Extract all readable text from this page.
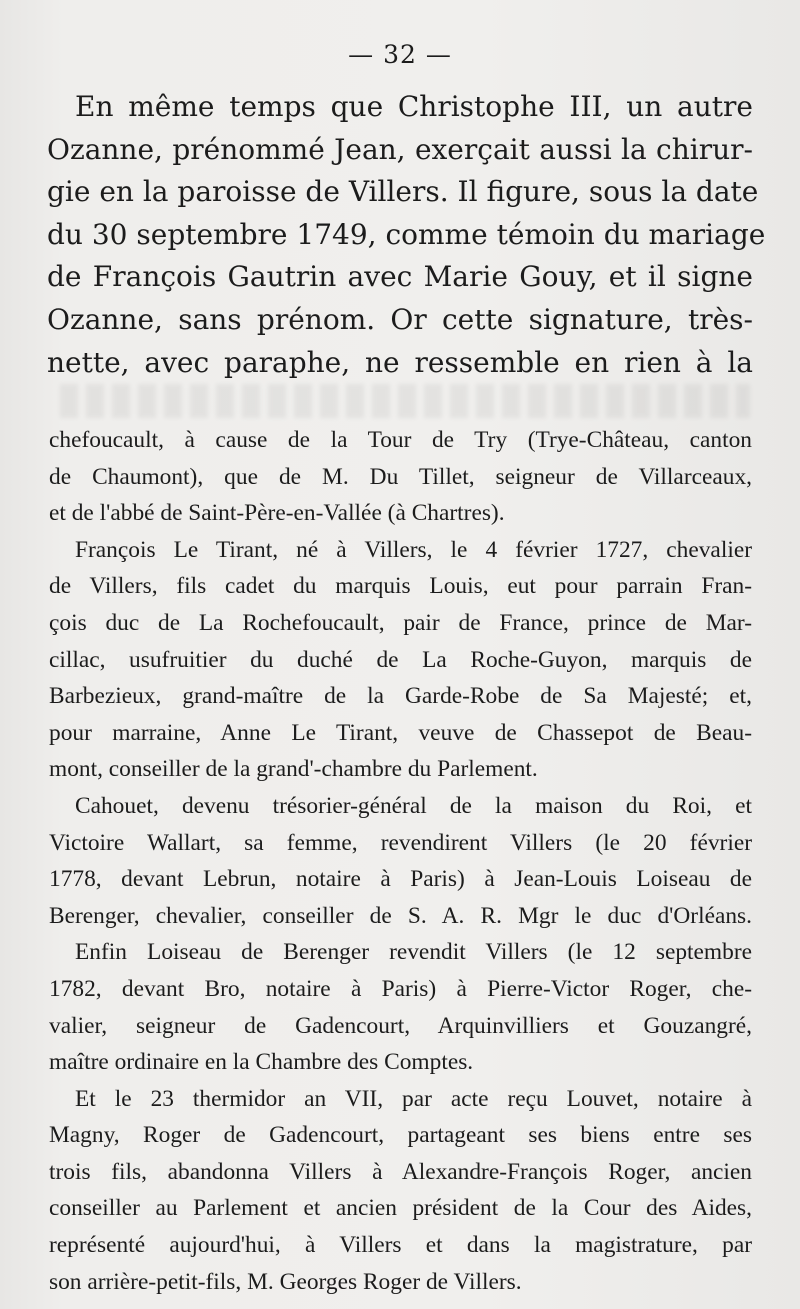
— 32 —
En même temps que Christophe III, un autre
Ozanne, prénommé Jean, exerçait aussi la chirur-
gie en la paroisse de Villers. Il figure, sous la date
du 30 septembre 1749, comme témoin du mariage
de François Gautrin avec Marie Gouy, et il signe
Ozanne, sans prénom. Or cette signature, très-
nette, avec paraphe, ne ressemble en rien à la
chefoucault, à cause de la Tour de Try (Trye-Château, canton
de Chaumont), que de M. Du Tillet, seigneur de Villarceaux,
et de l'abbé de Saint-Père-en-Vallée (à Chartres).
François Le Tirant, né à Villers, le 4 février 1727, chevalier
de Villers, fils cadet du marquis Louis, eut pour parrain Fran-
çois duc de La Rochefoucault, pair de France, prince de Mar-
cillac, usufruitier du duché de La Roche-Guyon, marquis de
Barbezieux, grand-maître de la Garde-Robe de Sa Majesté; et,
pour marraine, Anne Le Tirant, veuve de Chassepot de Beau-
mont, conseiller de la grand'-chambre du Parlement.
Cahouet, devenu trésorier-général de la maison du Roi, et
Victoire Wallart, sa femme, revendirent Villers (le 20 février
1778, devant Lebrun, notaire à Paris) à Jean-Louis Loiseau de
Berenger, chevalier, conseiller de S. A. R. Mgr le duc d'Orléans.
Enfin Loiseau de Berenger revendit Villers (le 12 septembre
1782, devant Bro, notaire à Paris) à Pierre-Victor Roger, che-
valier, seigneur de Gadencourt, Arquinvilliers et Gouzangré,
maître ordinaire en la Chambre des Comptes.
Et le 23 thermidor an VII, par acte reçu Louvet, notaire à
Magny, Roger de Gadencourt, partageant ses biens entre ses
trois fils, abandonna Villers à Alexandre-François Roger, ancien
conseiller au Parlement et ancien président de la Cour des Aides,
représenté aujourd'hui, à Villers et dans la magistrature, par
son arrière-petit-fils, M. Georges Roger de Villers.
